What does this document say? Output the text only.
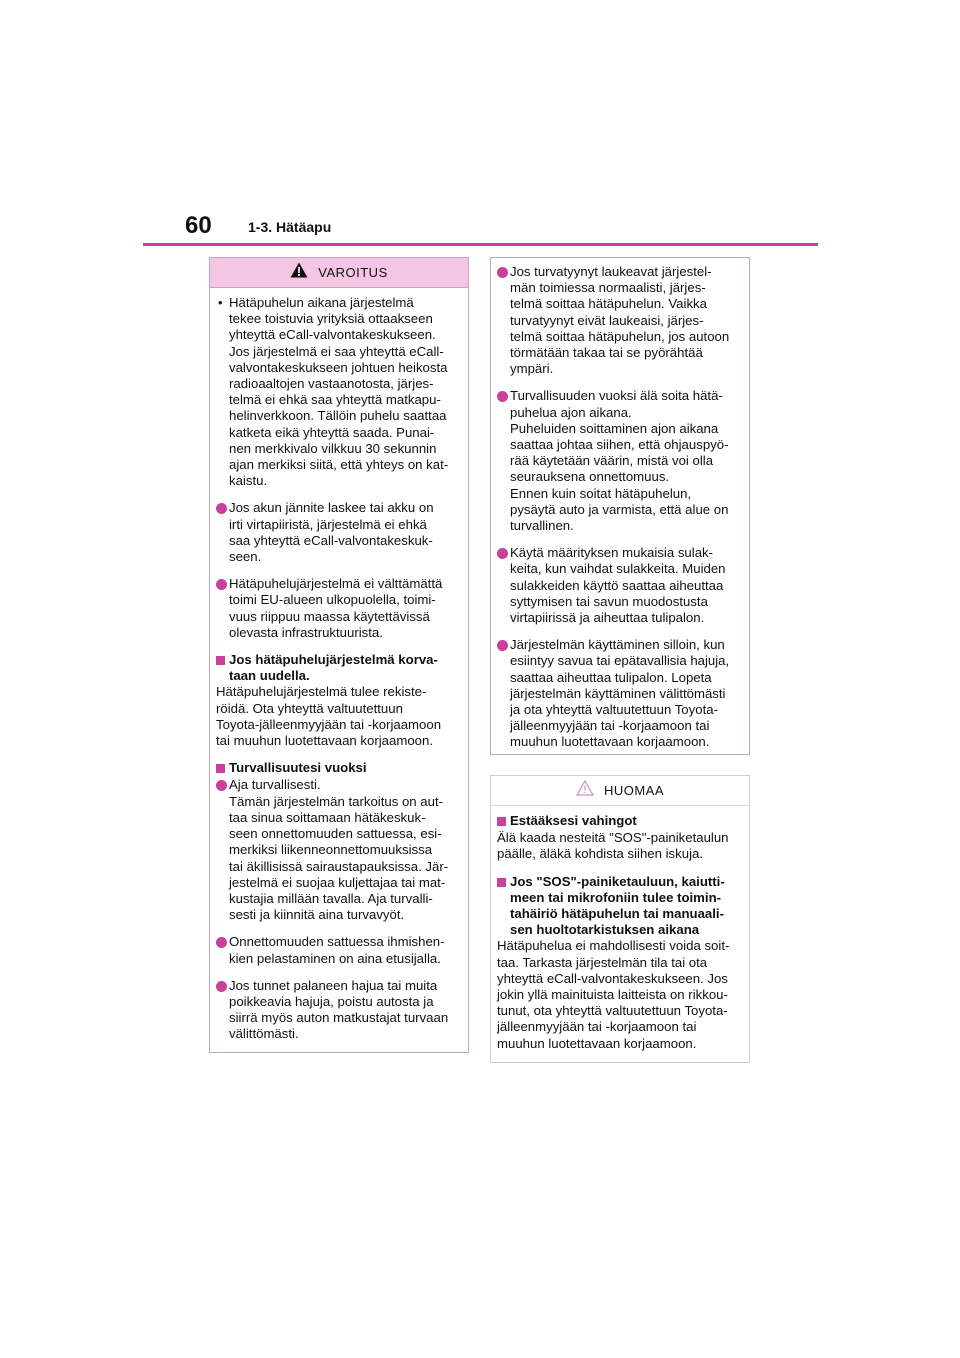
60	1-3. Hätäapu
VAROITUS
• Hätäpuhelun aikana järjestelmä
tekee toistuvia yrityksiä ottaakseen
yhteyttä eCall-valvontakeskukseen.
Jos järjestelmä ei saa yhteyttä eCall-
valvontakeskukseen johtuen heikosta
radioaaltojen vastaanotosta, järjes-
telmä ei ehkä saa yhteyttä matkapu-
helinverkkoon. Tällöin puhelu saattaa
katketa eikä yhteyttä saada. Punai-
nen merkkivalo vilkkuu 30 sekunnin
ajan merkiksi siitä, että yhteys on kat-
kaistu.
Jos akun jännite laskee tai akku on
irti virtapiiristä, järjestelmä ei ehkä
saa yhteyttä eCall-valvontakeskuk-
seen.
Hätäpuhelujärjestelmä ei välttämättä
toimi EU-alueen ulkopuolella, toimi-
vuus riippuu maassa käytettävissä
olevasta infrastruktuurista.
Jos hätäpuhelujärjestelmä korva-
taan uudella.
Hätäpuhelujärjestelmä tulee rekiste-
röidä. Ota yhteyttä valtuutettuun
Toyota-jälleenmyyjään tai -korjaamoon
tai muuhun luotettavaan korjaamoon.
Turvallisuutesi vuoksi
Aja turvallisesti.
Tämän järjestelmän tarkoitus on aut-
taa sinua soittamaan hätäkeskuk-
seen onnettomuuden sattuessa, esi-
merkiksi liikenneonnettomuuksissa
tai äkillisissä sairaustapauksissa. Jär-
jestelmä ei suojaa kuljettajaa tai mat-
kustajia millään tavalla. Aja turvalli-
sesti ja kiinnitä aina turvavyöt.
Onnettomuuden sattuessa ihmishen-
kien pelastaminen on aina etusijalla.
Jos tunnet palaneen hajua tai muita
poikkeavia hajuja, poistu autosta ja
siirrä myös auton matkustajat turvaan
välittömästi.
Jos turvatyynyt laukeavat järjestel-
män toimiessa normaalisti, järjes-
telmä soittaa hätäpuhelun. Vaikka
turvatyynyt eivät laukeaisi, järjes-
telmä soittaa hätäpuhelun, jos autoon
törmätään takaa tai se pyörähtää
ympäri.
Turvallisuuden vuoksi älä soita hätä-
puhelua ajon aikana.
Puheluiden soittaminen ajon aikana
saattaa johtaa siihen, että ohjauspyö-
rää käytetään väärin, mistä voi olla
seurauksena onnettomuus.
Ennen kuin soitat hätäpuhelun,
pysäytä auto ja varmista, että alue on
turvallinen.
Käytä määrityksen mukaisia sulak-
keita, kun vaihdat sulakkeita. Muiden
sulakkeiden käyttö saattaa aiheuttaa
syttymisen tai savun muodostusta
virtapiirissä ja aiheuttaa tulipalon.
Järjestelmän käyttäminen silloin, kun
esiintyy savua tai epätavallisia hajuja,
saattaa aiheuttaa tulipalon. Lopeta
järjestelmän käyttäminen välittömästi
ja ota yhteyttä valtuutettuun Toyota-
jälleenmyyjään tai -korjaamoon tai
muuhun luotettavaan korjaamoon.
HUOMAA
Estääksesi vahingot
Älä kaada nesteitä "SOS"-painiketaulun
päälle, äläkä kohdista siihen iskuja.
Jos "SOS"-painiketauluun, kaiutti-
meen tai mikrofoniin tulee toimin-
tahäiriö hätäpuhelun tai manuaali-
sen huoltotarkistuksen aikana
Hätäpuhelua ei mahdollisesti voida soit-
taa. Tarkasta järjestelmän tila tai ota
yhteyttä eCall-valvontakeskukseen. Jos
jokin yllä mainituista laitteista on rikkou-
tunut, ota yhteyttä valtuutettuun Toyota-
jälleenmyyjään tai -korjaamoon tai
muuhun luotettavaan korjaamoon.
